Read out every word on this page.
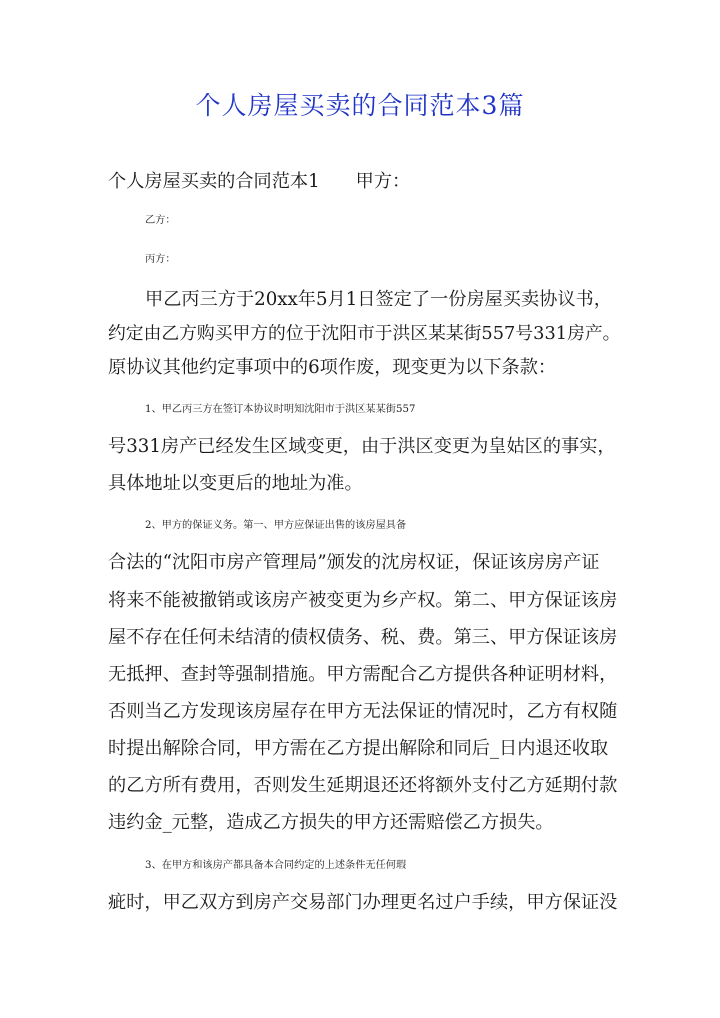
个人房屋买卖的合同范本3篇
个人房屋买卖的合同范本1 甲方：
乙方：
丙方：
甲乙丙三方于20xx年5月1日签定了一份房屋买卖协议书，
约定由乙方购买甲方的位于沈阳市于洪区某某街557号331房产。
原协议其他约定事项中的6项作废，现变更为以下条款：
1、甲乙丙三方在签订本协议时明知沈阳市于洪区某某街557
号331房产已经发生区域变更，由于洪区变更为皇姑区的事实，
具体地址以变更后的地址为准。
2、甲方的保证义务。第一、甲方应保证出售的该房屋具备
合法的“沈阳市房产管理局”颁发的沈房权证，保证该房房产证
将来不能被撤销或该房产被变更为乡产权。第二、甲方保证该房
屋不存在任何未结清的债权债务、税、费。第三、甲方保证该房
无抵押、查封等强制措施。甲方需配合乙方提供各种证明材料，
否则当乙方发现该房屋存在甲方无法保证的情况时，乙方有权随
时提出解除合同，甲方需在乙方提出解除和同后_日内退还收取
的乙方所有费用，否则发生延期退还还将额外支付乙方延期付款
违约金_元整，造成乙方损失的甲方还需赔偿乙方损失。
3、在甲方和该房产都具备本合同约定的上述条件无任何瑕
疵时，甲乙双方到房产交易部门办理更名过户手续，甲方保证没
